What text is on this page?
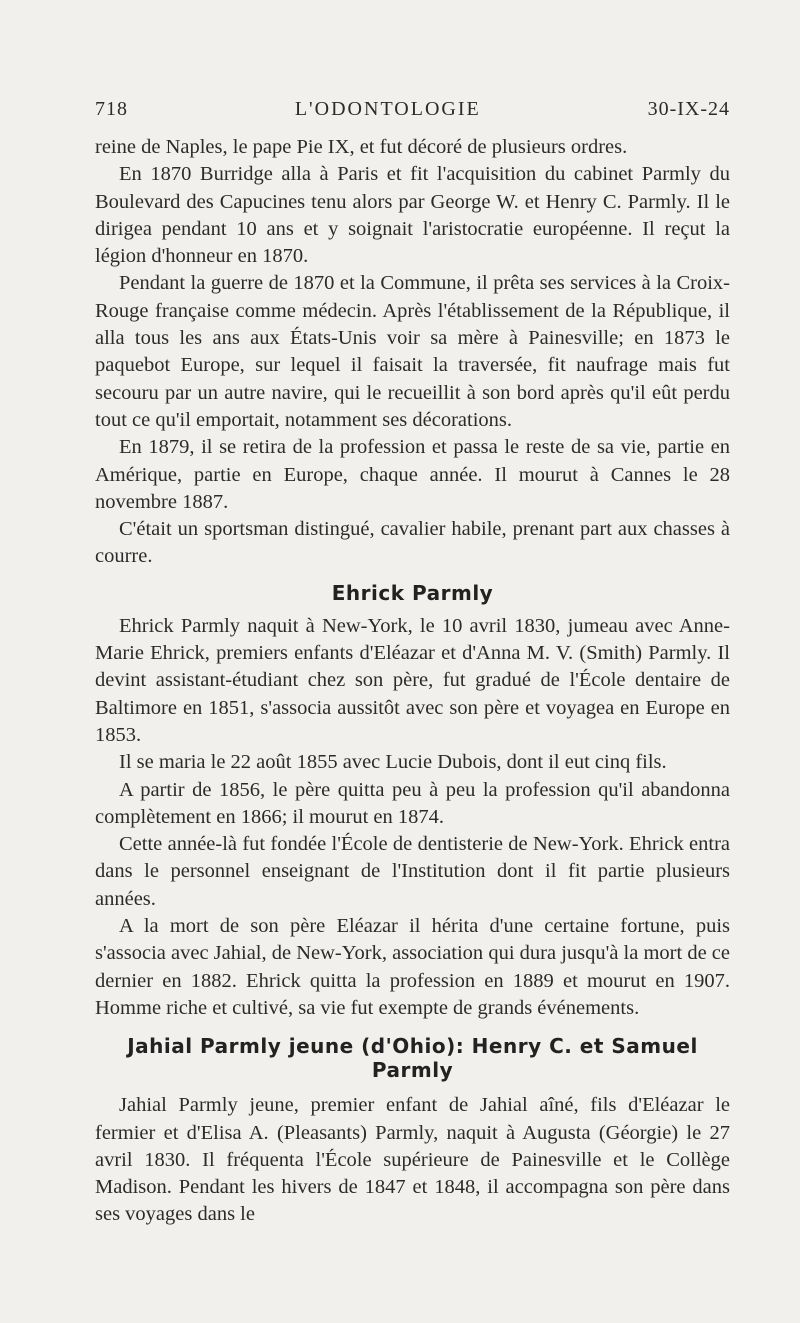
718	L'ODONTOLOGIE	30-IX-24

reine de Naples, le pape Pie IX, et fut décoré de plusieurs ordres.

En 1870 Burridge alla à Paris et fit l'acquisition du cabinet Parmly du Boulevard des Capucines tenu alors par George W. et Henry C. Parmly. Il le dirigea pendant 10 ans et y soignait l'aristocratie européenne. Il reçut la légion d'honneur en 1870.

Pendant la guerre de 1870 et la Commune, il prêta ses services à la Croix-Rouge française comme médecin. Après l'établissement de la République, il alla tous les ans aux États-Unis voir sa mère à Painesville; en 1873 le paquebot Europe, sur lequel il faisait la traversée, fit naufrage mais fut secouru par un autre navire, qui le recueillit à son bord après qu'il eût perdu tout ce qu'il emportait, notamment ses décorations.

En 1879, il se retira de la profession et passa le reste de sa vie, partie en Amérique, partie en Europe, chaque année. Il mourut à Cannes le 28 novembre 1887.

C'était un sportsman distingué, cavalier habile, prenant part aux chasses à courre.

Ehrick Parmly

Ehrick Parmly naquit à New-York, le 10 avril 1830, jumeau avec Anne-Marie Ehrick, premiers enfants d'Eléazar et d'Anna M. V. (Smith) Parmly. Il devint assistant-étudiant chez son père, fut gradué de l'École dentaire de Baltimore en 1851, s'associa aussitôt avec son père et voyagea en Europe en 1853.

Il se maria le 22 août 1855 avec Lucie Dubois, dont il eut cinq fils.

A partir de 1856, le père quitta peu à peu la profession qu'il abandonna complètement en 1866; il mourut en 1874.

Cette année-là fut fondée l'École de dentisterie de New-York. Ehrick entra dans le personnel enseignant de l'Institution dont il fit partie plusieurs années.

A la mort de son père Eléazar il hérita d'une certaine fortune, puis s'associa avec Jahial, de New-York, association qui dura jusqu'à la mort de ce dernier en 1882. Ehrick quitta la profession en 1889 et mourut en 1907. Homme riche et cultivé, sa vie fut exempte de grands événements.

Jahial Parmly jeune (d'Ohio): Henry C. et Samuel Parmly

Jahial Parmly jeune, premier enfant de Jahial aîné, fils d'Eléazar le fermier et d'Elisa A. (Pleasants) Parmly, naquit à Augusta (Géorgie) le 27 avril 1830. Il fréquenta l'École supérieure de Painesville et le Collège Madison. Pendant les hivers de 1847 et 1848, il accompagna son père dans ses voyages dans le
